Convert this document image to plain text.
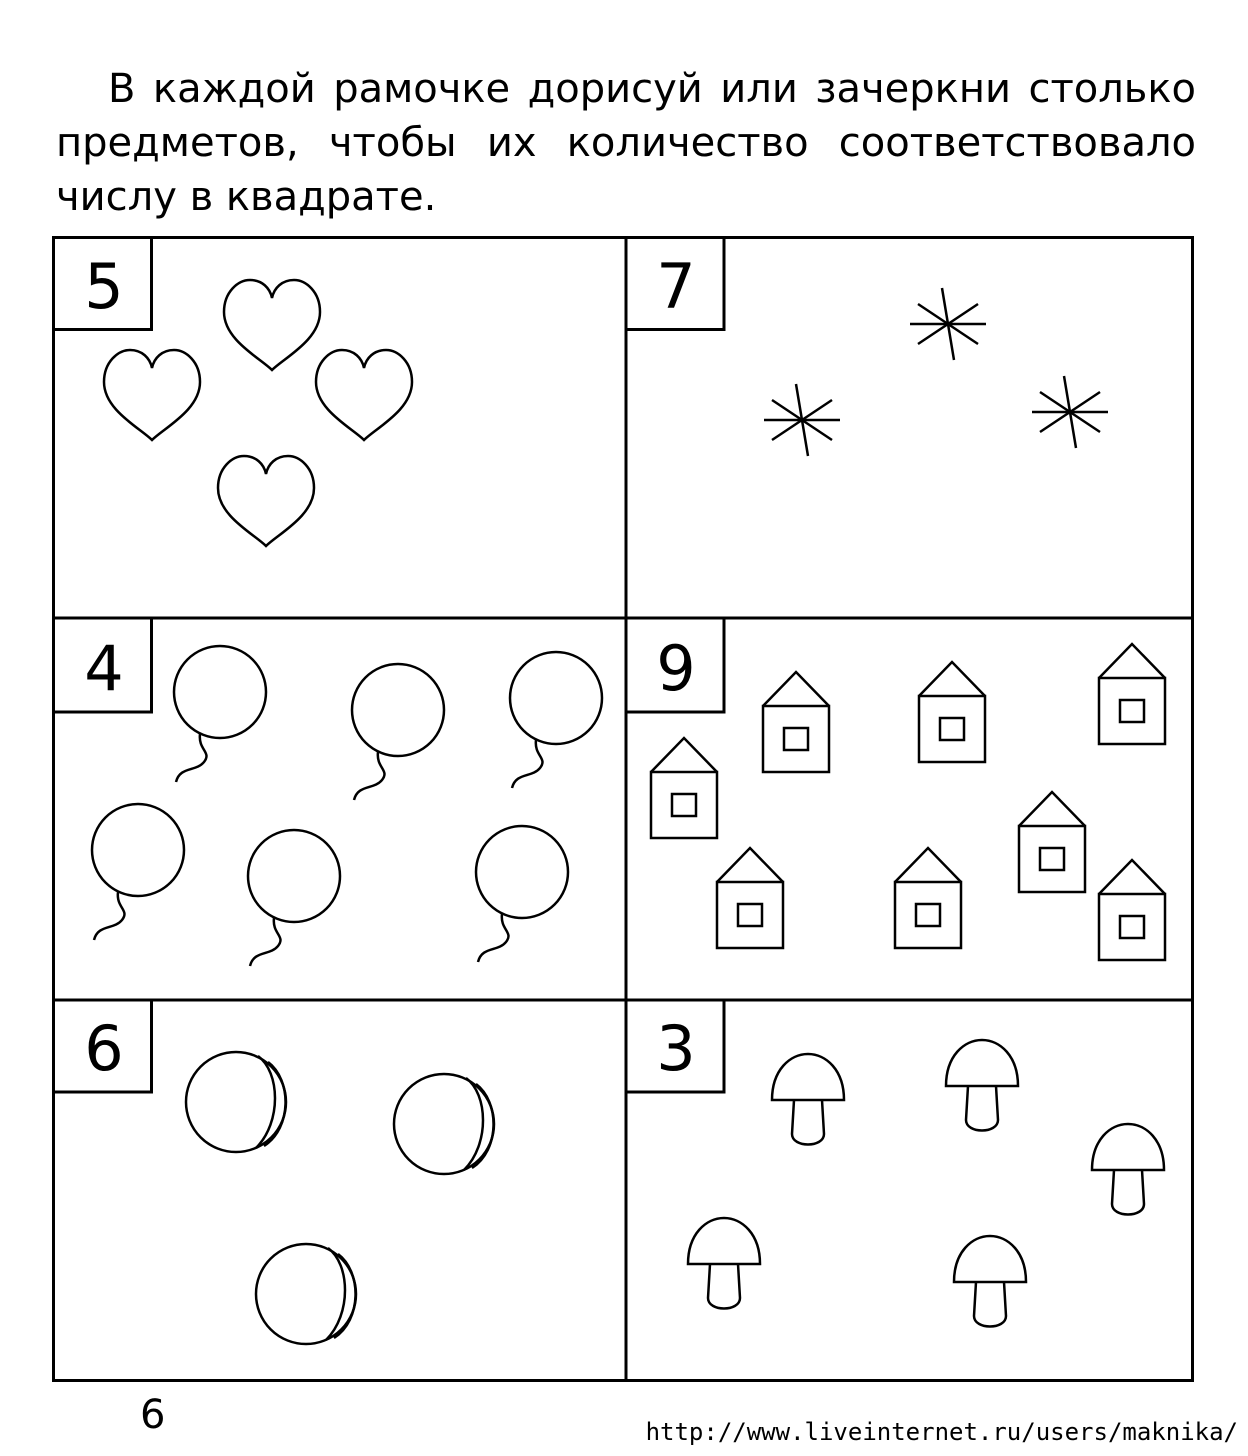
В каждой рамочке дорисуй или зачеркни столько предметов, чтобы их количество соответствовало числу в квадрате.

5	7
4	9
6	3

6	http://www.liveinternet.ru/users/maknika/
